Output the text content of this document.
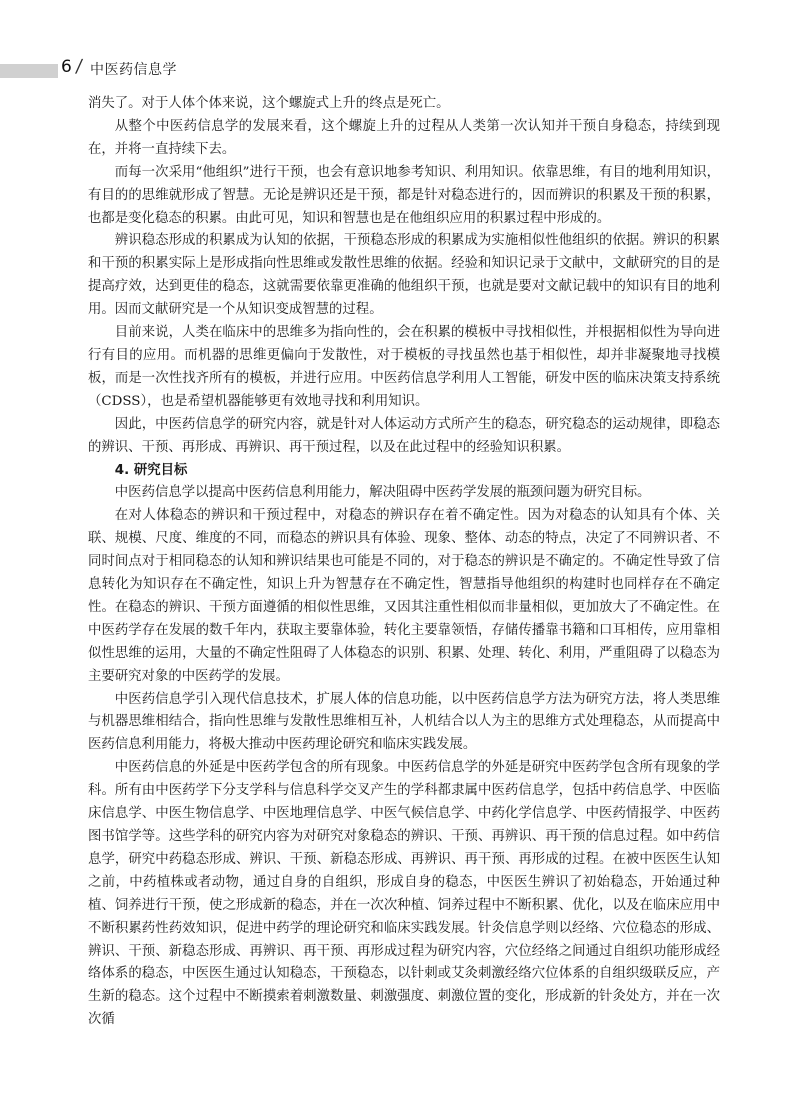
6 / 中医药信息学

消失了。对于人体个体来说，这个螺旋式上升的终点是死亡。

从整个中医药信息学的发展来看，这个螺旋上升的过程从人类第一次认知并干预自身稳态，持续到现在，并将一直持续下去。

而每一次采用“他组织”进行干预，也会有意识地参考知识、利用知识。依靠思维，有目的地利用知识，有目的的思维就形成了智慧。无论是辨识还是干预，都是针对稳态进行的，因而辨识的积累及干预的积累，也都是变化稳态的积累。由此可见，知识和智慧也是在他组织应用的积累过程中形成的。

辨识稳态形成的积累成为认知的依据，干预稳态形成的积累成为实施相似性他组织的依据。辨识的积累和干预的积累实际上是形成指向性思维或发散性思维的依据。经验和知识记录于文献中，文献研究的目的是提高疗效，达到更佳的稳态，这就需要依靠更准确的他组织干预，也就是要对文献记载中的知识有目的地利用。因而文献研究是一个从知识变成智慧的过程。

目前来说，人类在临床中的思维多为指向性的，会在积累的模板中寻找相似性，并根据相似性为导向进行有目的应用。而机器的思维更偏向于发散性，对于模板的寻找虽然也基于相似性，却并非凝聚地寻找模板，而是一次性找齐所有的模板，并进行应用。中医药信息学利用人工智能，研发中医的临床决策支持系统（CDSS），也是希望机器能够更有效地寻找和利用知识。

因此，中医药信息学的研究内容，就是针对人体运动方式所产生的稳态，研究稳态的运动规律，即稳态的辨识、干预、再形成、再辨识、再干预过程，以及在此过程中的经验知识积累。

4. 研究目标

中医药信息学以提高中医药信息利用能力，解决阻碍中医药学发展的瓶颈问题为研究目标。

在对人体稳态的辨识和干预过程中，对稳态的辨识存在着不确定性。因为对稳态的认知具有个体、关联、规模、尺度、维度的不同，而稳态的辨识具有体验、现象、整体、动态的特点，决定了不同辨识者、不同时间点对于相同稳态的认知和辨识结果也可能是不同的，对于稳态的辨识是不确定的。不确定性导致了信息转化为知识存在不确定性，知识上升为智慧存在不确定性，智慧指导他组织的构建时也同样存在不确定性。在稳态的辨识、干预方面遵循的相似性思维，又因其注重性相似而非量相似，更加放大了不确定性。在中医药学存在发展的数千年内，获取主要靠体验，转化主要靠领悟，存储传播靠书籍和口耳相传，应用靠相似性思维的运用，大量的不确定性阻碍了人体稳态的识别、积累、处理、转化、利用，严重阻碍了以稳态为主要研究对象的中医药学的发展。

中医药信息学引入现代信息技术，扩展人体的信息功能，以中医药信息学方法为研究方法，将人类思维与机器思维相结合，指向性思维与发散性思维相互补，人机结合以人为主的思维方式处理稳态，从而提高中医药信息利用能力，将极大推动中医药理论研究和临床实践发展。

中医药信息的外延是中医药学包含的所有现象。中医药信息学的外延是研究中医药学包含所有现象的学科。所有由中医药学下分支学科与信息科学交叉产生的学科都隶属中医药信息学，包括中药信息学、中医临床信息学、中医生物信息学、中医地理信息学、中医气候信息学、中药化学信息学、中医药情报学、中医药图书馆学等。这些学科的研究内容为对研究对象稳态的辨识、干预、再辨识、再干预的信息过程。如中药信息学，研究中药稳态形成、辨识、干预、新稳态形成、再辨识、再干预、再形成的过程。在被中医医生认知之前，中药植株或者动物，通过自身的自组织，形成自身的稳态，中医医生辨识了初始稳态，开始通过种植、饲养进行干预，使之形成新的稳态，并在一次次种植、饲养过程中不断积累、优化，以及在临床应用中不断积累药性药效知识，促进中药学的理论研究和临床实践发展。针灸信息学则以经络、穴位稳态的形成、辨识、干预、新稳态形成、再辨识、再干预、再形成过程为研究内容，穴位经络之间通过自组织功能形成经络体系的稳态，中医医生通过认知稳态，干预稳态，以针刺或艾灸刺激经络穴位体系的自组织级联反应，产生新的稳态。这个过程中不断摸索着刺激数量、刺激强度、刺激位置的变化，形成新的针灸处方，并在一次次循
